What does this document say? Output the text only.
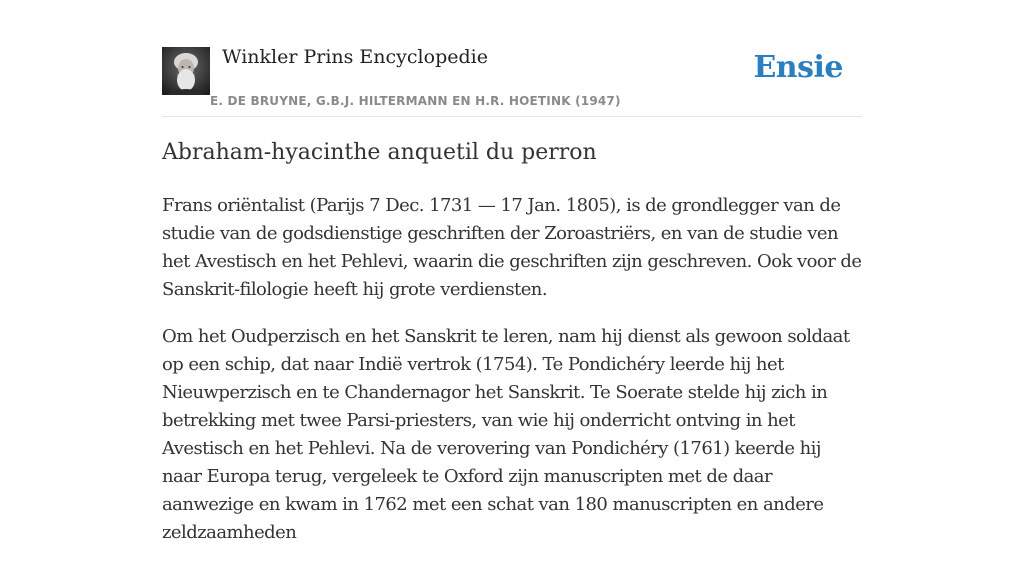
Winkler Prins Encyclopedie
E. DE BRUYNE, G.B.J. HILTERMANN EN H.R. HOETINK (1947)
Ensie
Abraham-hyacinthe anquetil du perron

Frans oriëntalist (Parijs 7 Dec. 1731 — 17 Jan. 1805), is de grondlegger van de studie van de godsdienstige geschriften der Zoroastriërs, en van de studie ven het Avestisch en het Pehlevi, waarin die geschriften zijn geschreven. Ook voor de Sanskrit-filologie heeft hij grote verdiensten.

Om het Oudperzisch en het Sanskrit te leren, nam hij dienst als gewoon soldaat op een schip, dat naar Indië vertrok (1754). Te Pondichéry leerde hij het Nieuwperzisch en te Chandernagor het Sanskrit. Te Soerate stelde hij zich in betrekking met twee Parsi-priesters, van wie hij onderricht ontving in het Avestisch en het Pehlevi. Na de verovering van Pondichéry (1761) keerde hij naar Europa terug, vergeleek te Oxford zijn manuscripten met de daar aanwezige en kwam in 1762 met een schat van 180 manuscripten en andere zeldzaamheden
